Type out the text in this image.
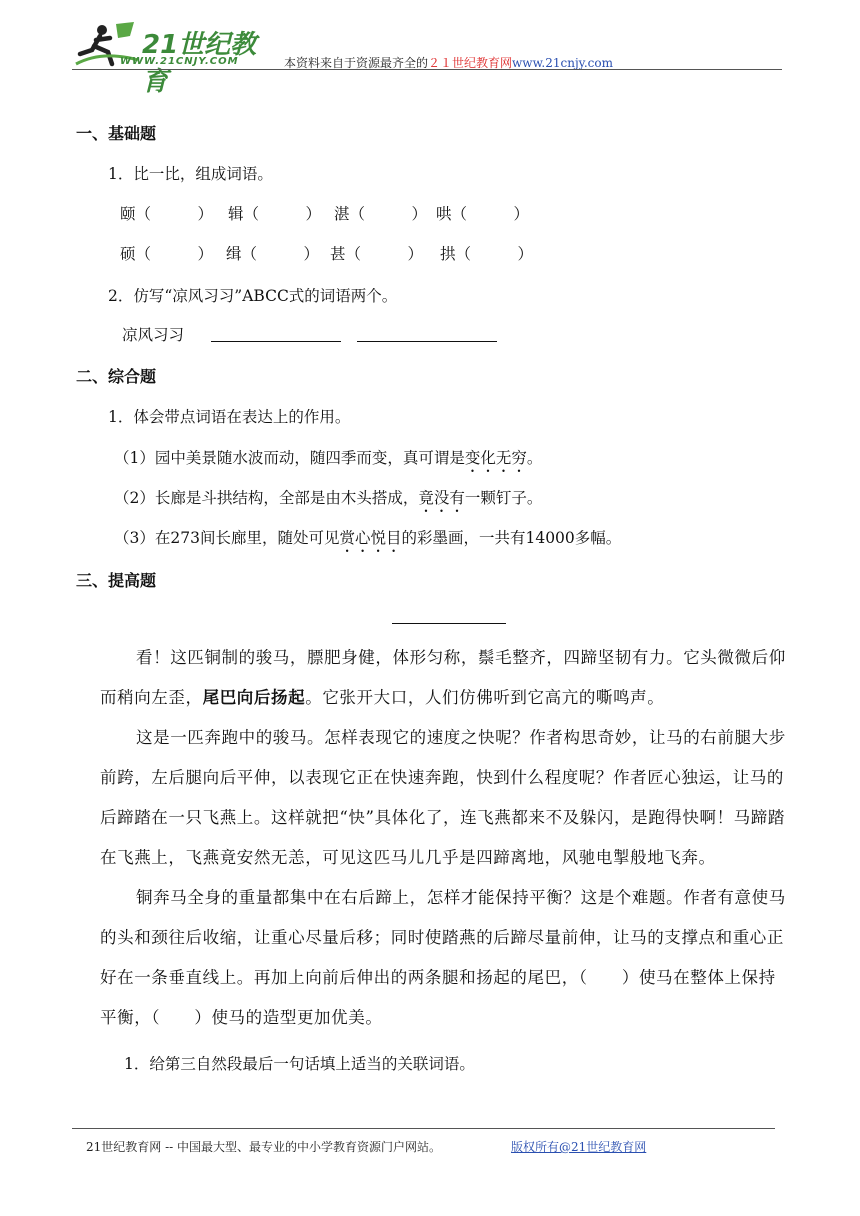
21世纪教育
WWW.21CNJY.COM	本资料来自于资源最齐全的２１世纪教育网www.21cnjy.com
一、基础题
1．比一比，组成词语。
颐（　　　） 辑（　　　） 湛（　　　） 哄（　　　）
硕（　　　） 缉（　　　） 甚（　　　） 拱（　　　）
2．仿写“凉风习习”ABCC式的词语两个。
凉风习习
二、综合题
1．体会带点词语在表达上的作用。
（1）园中美景随水波而动，随四季而变，真可谓是变化无穷。
（2）长廊是斗拱结构，全部是由木头搭成，竟没有一颗钉子。
（3）在273间长廊里，随处可见赏心悦目的彩墨画，一共有14000多幅。
三、提高题
看！这匹铜制的骏马，膘肥身健，体形匀称，鬃毛整齐，四蹄坚韧有力。它头微微后仰而稍向左歪，尾巴向后扬起。它张开大口，人们仿佛听到它高亢的嘶鸣声。
这是一匹奔跑中的骏马。怎样表现它的速度之快呢？作者构思奇妙，让马的右前腿大步前跨，左后腿向后平伸，以表现它正在快速奔跑，快到什么程度呢？作者匠心独运，让马的后蹄踏在一只飞燕上。这样就把“快”具体化了，连飞燕都来不及躲闪，是跑得快啊！马蹄踏在飞燕上，飞燕竟安然无恙，可见这匹马儿几乎是四蹄离地，风驰电掣般地飞奔。
铜奔马全身的重量都集中在右后蹄上，怎样才能保持平衡？这是个难题。作者有意使马的头和颈往后收缩，让重心尽量后移；同时使踏燕的后蹄尽量前伸，让马的支撑点和重心正好在一条垂直线上。再加上向前后伸出的两条腿和扬起的尾巴，（　　）使马在整体上保持平衡，（　　）使马的造型更加优美。
1．给第三自然段最后一句话填上适当的关联词语。
21世纪教育网 -- 中国最大型、最专业的中小学教育资源门户网站。	版权所有@21世纪教育网
